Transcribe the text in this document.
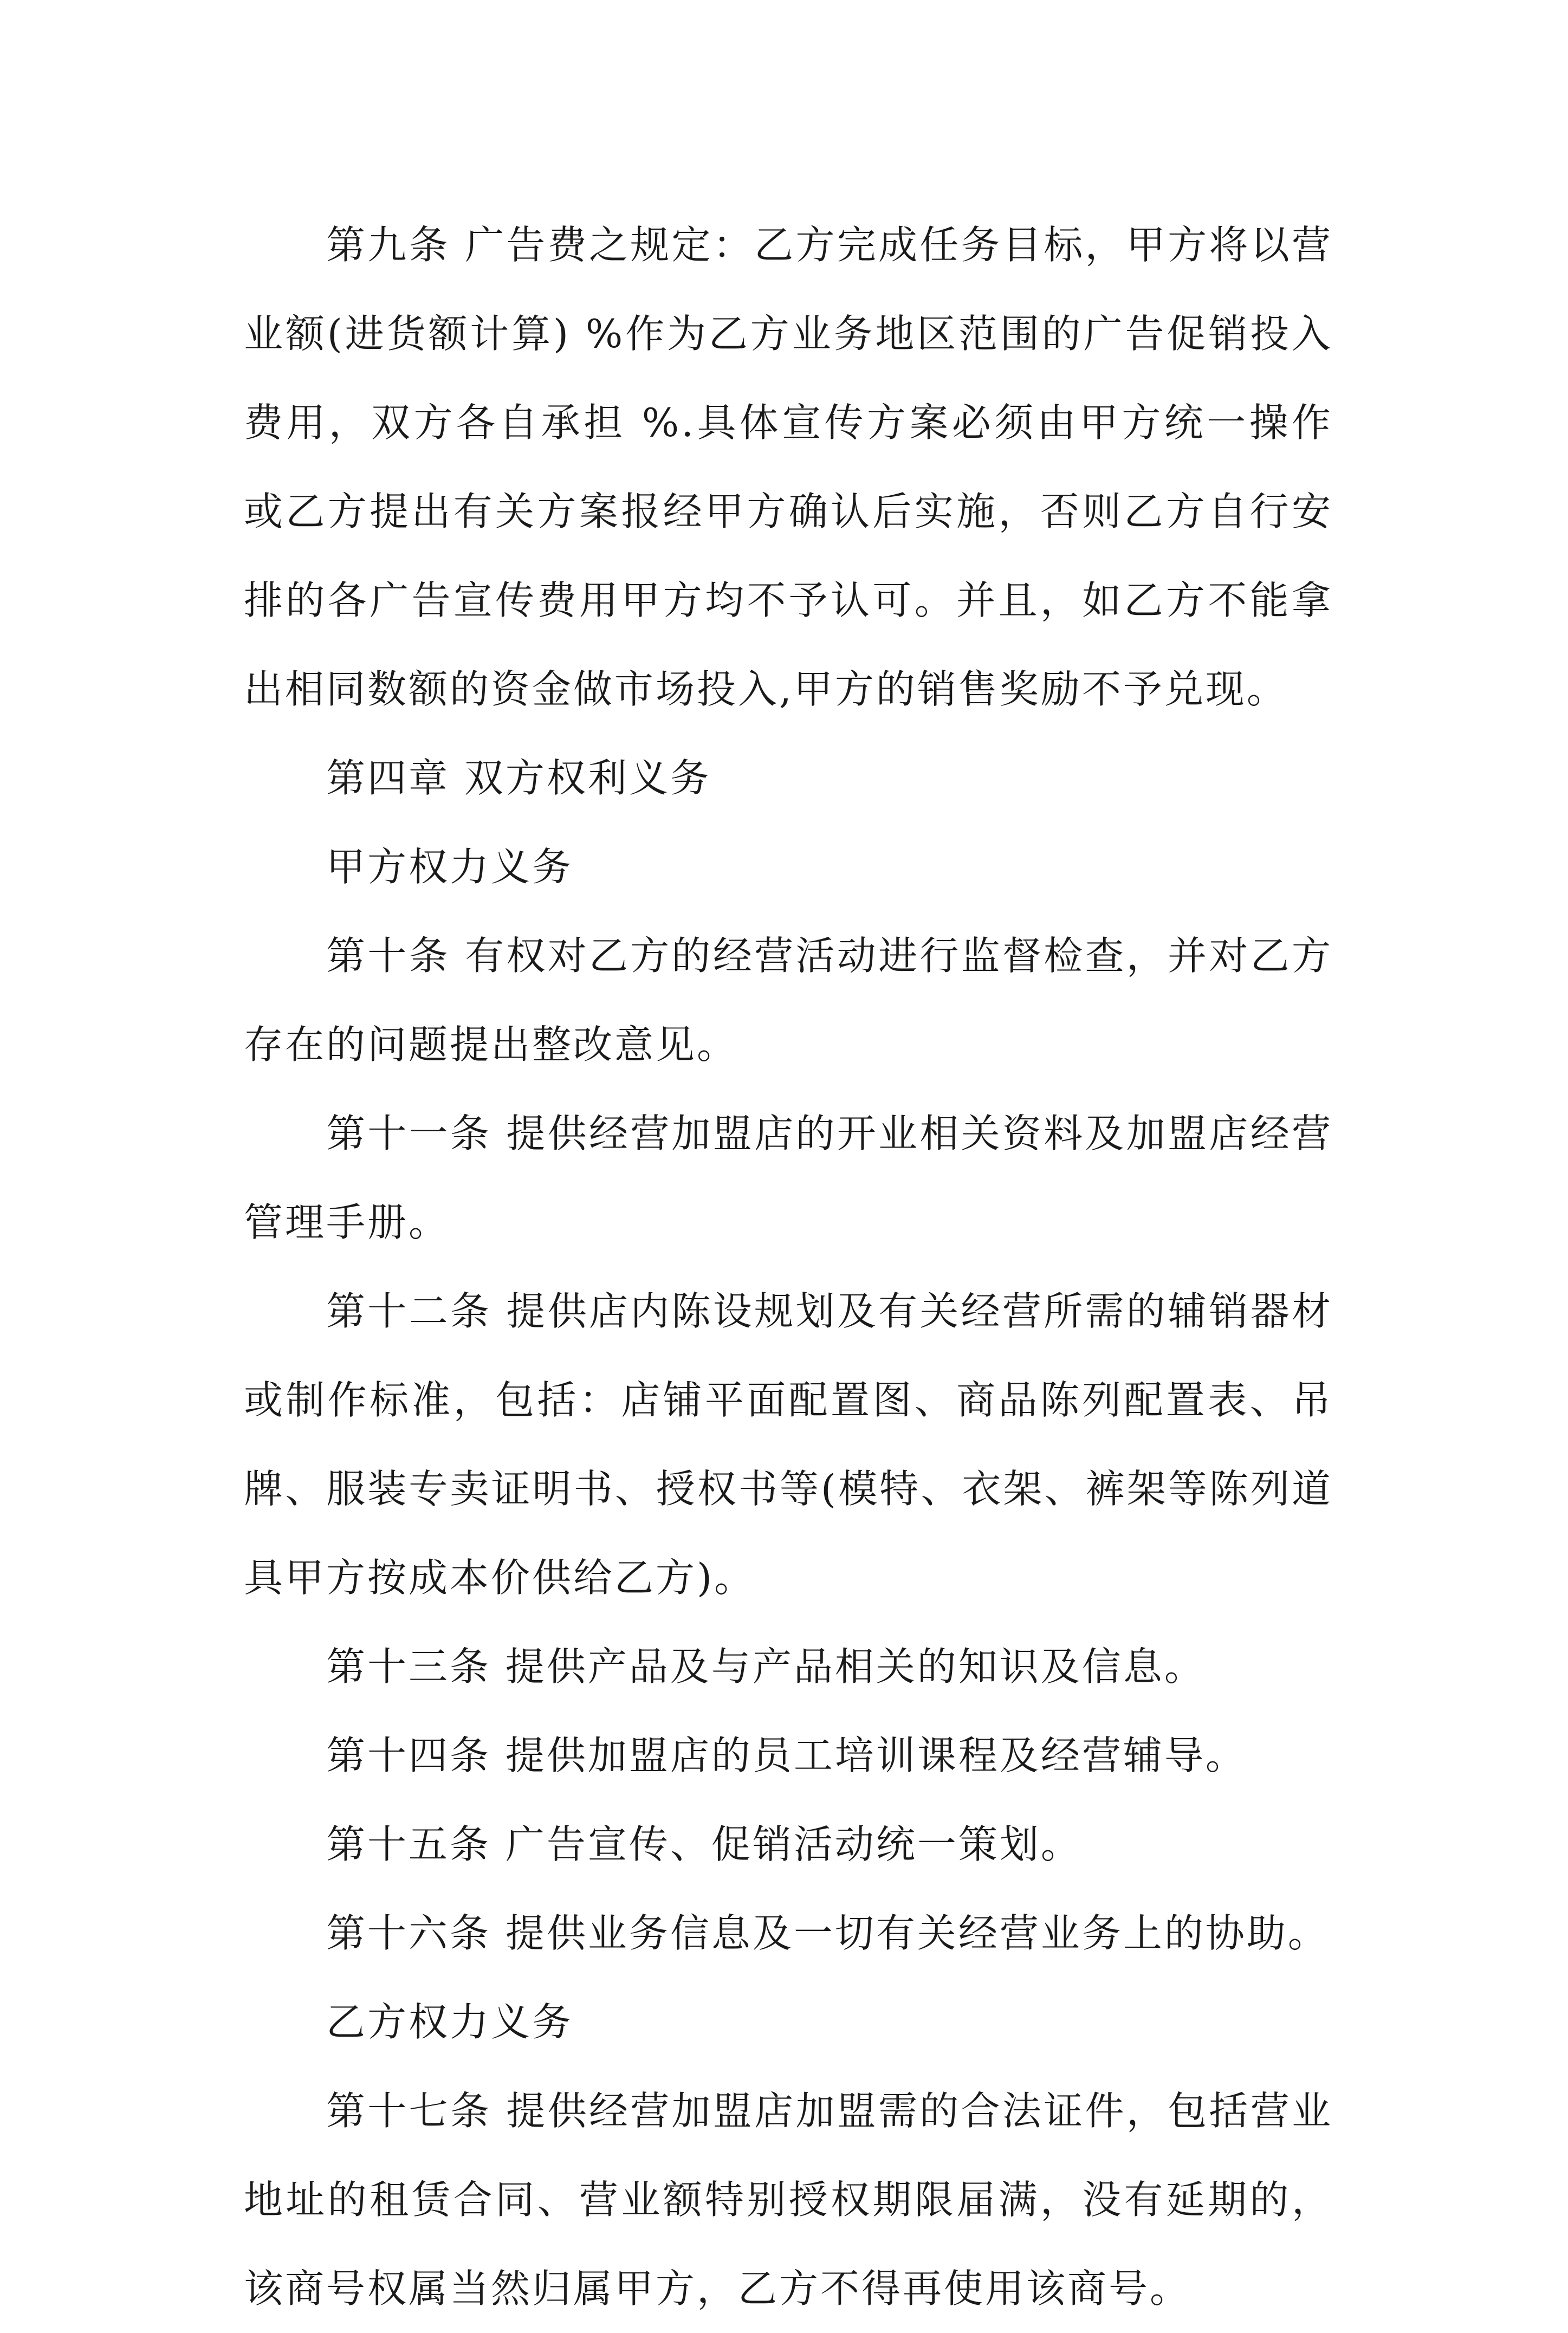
第九条 广告费之规定：乙方完成任务目标，甲方将以营业额(进货额计算) %作为乙方业务地区范围的广告促销投入费用，双方各自承担 %.具体宣传方案必须由甲方统一操作或乙方提出有关方案报经甲方确认后实施，否则乙方自行安排的各广告宣传费用甲方均不予认可。并且，如乙方不能拿出相同数额的资金做市场投入,甲方的销售奖励不予兑现。

第四章 双方权利义务

甲方权力义务

第十条 有权对乙方的经营活动进行监督检查，并对乙方存在的问题提出整改意见。

第十一条 提供经营加盟店的开业相关资料及加盟店经营管理手册。

第十二条 提供店内陈设规划及有关经营所需的辅销器材或制作标准，包括：店铺平面配置图、商品陈列配置表、吊牌、服装专卖证明书、授权书等(模特、衣架、裤架等陈列道具甲方按成本价供给乙方)。

第十三条 提供产品及与产品相关的知识及信息。

第十四条 提供加盟店的员工培训课程及经营辅导。

第十五条 广告宣传、促销活动统一策划。

第十六条 提供业务信息及一切有关经营业务上的协助。

乙方权力义务

第十七条 提供经营加盟店加盟需的合法证件，包括营业地址的租赁合同、营业额特别授权期限届满，没有延期的，该商号权属当然归属甲方，乙方不得再使用该商号。
